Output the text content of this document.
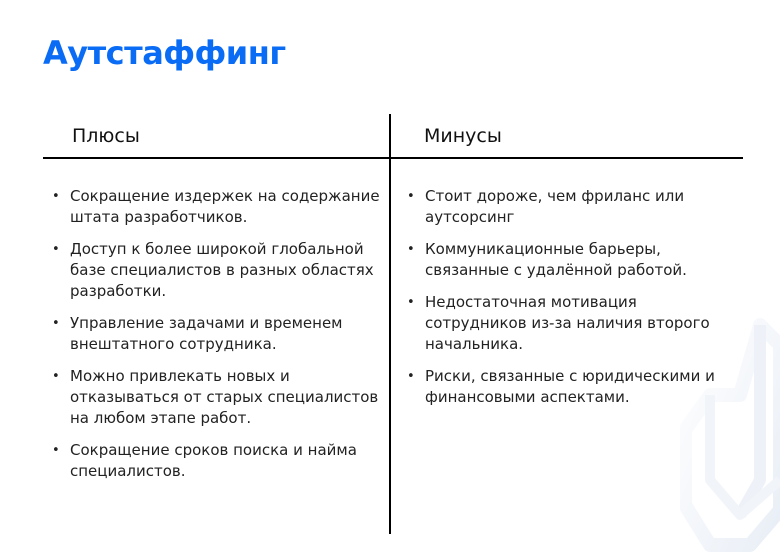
Аутстаффинг
Плюсы	Минусы
• Сокращение издержек на содержание штата разработчиков.
• Доступ к более широкой глобальной базе специалистов в разных областях разработки.
• Управление задачами и временем внештатного сотрудника.
• Можно привлекать новых и отказываться от старых специалистов на любом этапе работ.
• Сокращение сроков поиска и найма специалистов.
• Стоит дороже, чем фриланс или аутсорсинг
• Коммуникационные барьеры, связанные с удалённой работой.
• Недостаточная мотивация сотрудников из-за наличия второго начальника.
• Риски, связанные с юридическими и финансовыми аспектами.
